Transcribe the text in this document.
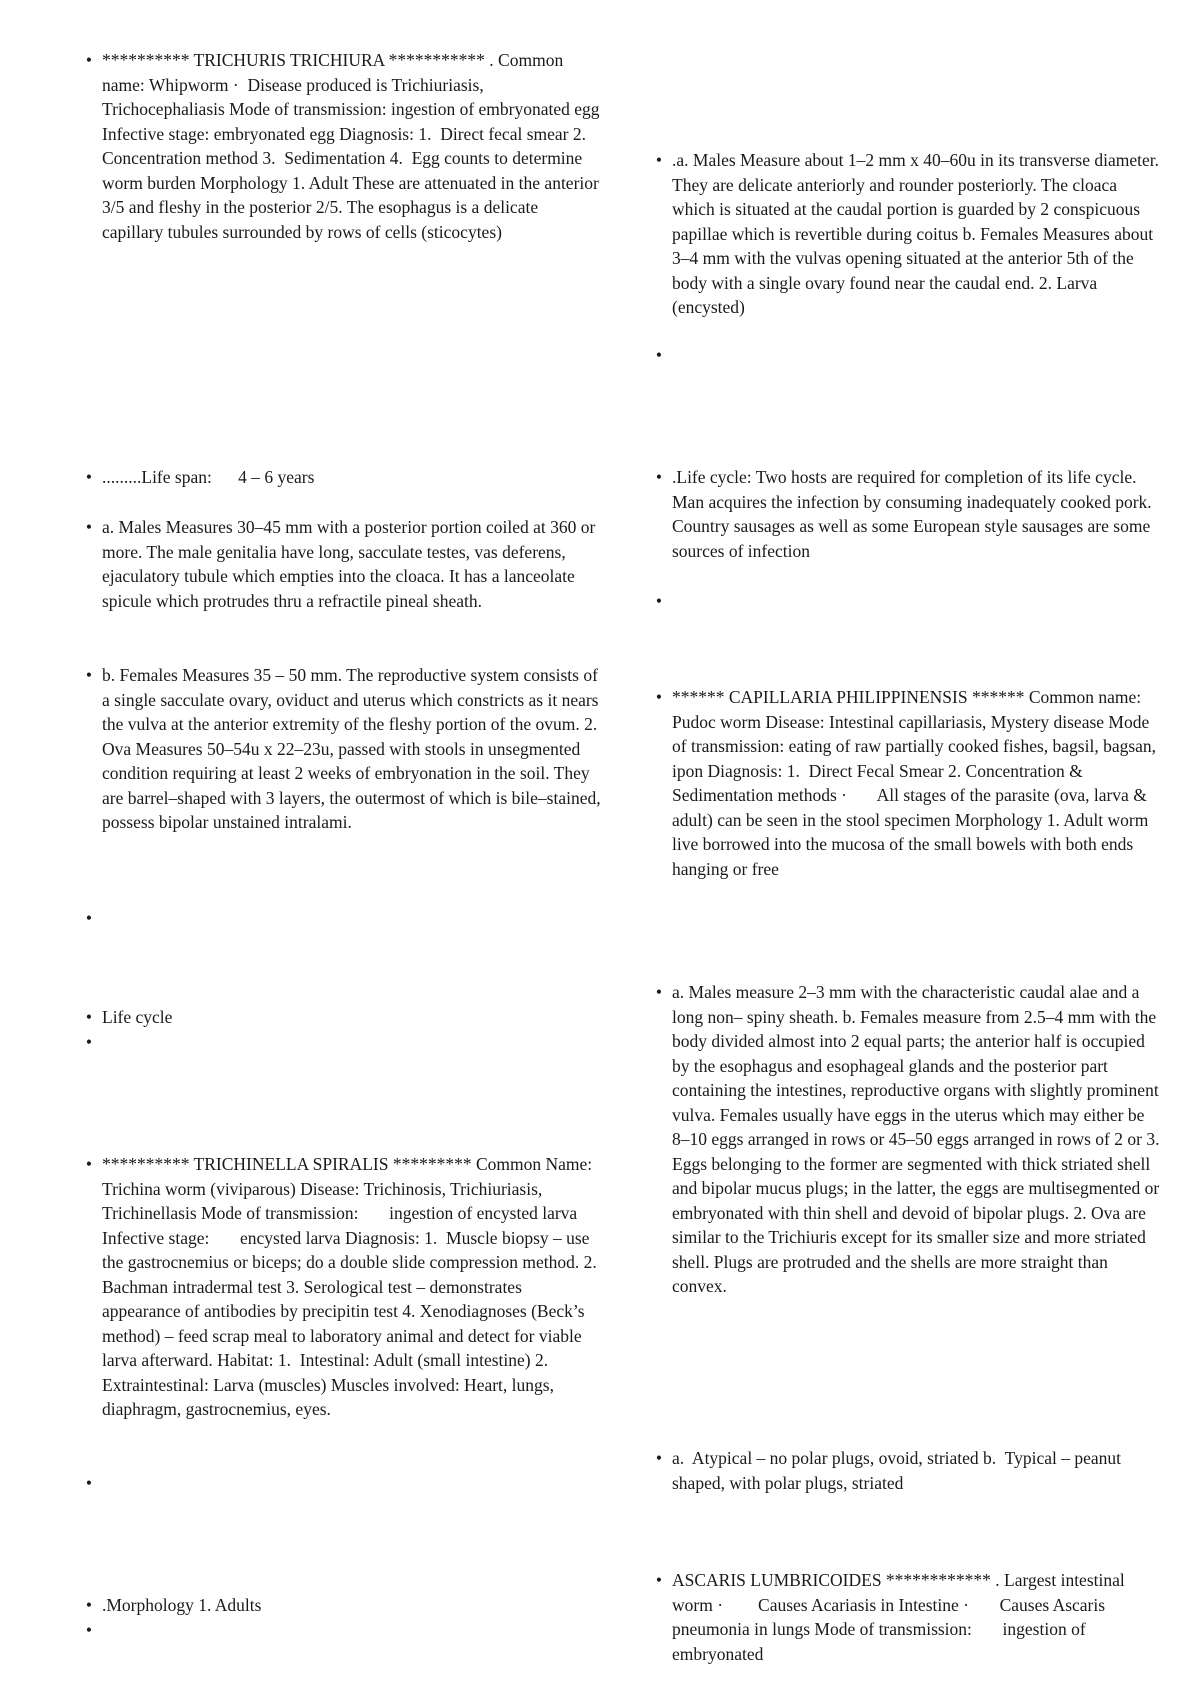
• ********** TRICHURIS TRICHIURA *********** . Common name: Whipworm ·  Disease produced is Trichiuriasis, Trichocephaliasis Mode of transmission: ingestion of embryonated egg Infective stage: embryonated egg Diagnosis: 1.  Direct fecal smear 2. Concentration method 3.  Sedimentation 4.  Egg counts to determine worm burden Morphology 1. Adult These are attenuated in the anterior 3/5 and fleshy in the posterior 2/5. The esophagus is a delicate capillary tubules surrounded by rows of cells (sticocytes)
• .........Life span:      4 – 6 years
• a. Males Measures 30–45 mm with a posterior portion coiled at 360 or more. The male genitalia have long, sacculate testes, vas deferens, ejaculatory tubule which empties into the cloaca. It has a lanceolate spicule which protrudes thru a refractile pineal sheath.
• b. Females Measures 35 – 50 mm. The reproductive system consists of a single sacculate ovary, oviduct and uterus which constricts as it nears the vulva at the anterior extremity of the fleshy portion of the ovum. 2. Ova Measures 50–54u x 22–23u, passed with stools in unsegmented condition requiring at least 2 weeks of embryonation in the soil. They are barrel–shaped with 3 layers, the outermost of which is bile–stained, possess bipolar unstained intralami.
•
• Life cycle
•
• ********** TRICHINELLA SPIRALIS ********* Common Name:       Trichina worm (viviparous) Disease: Trichinosis, Trichiuriasis, Trichinellasis Mode of transmission:       ingestion of encysted larva Infective stage:       encysted larva Diagnosis: 1.  Muscle biopsy – use the gastrocnemius or biceps; do a double slide compression method. 2.  Bachman intradermal test 3. Serological test – demonstrates appearance of antibodies by precipitin test 4. Xenodiagnoses (Beck’s method) – feed scrap meal to laboratory animal and detect for viable larva afterward. Habitat: 1.  Intestinal: Adult (small intestine) 2. Extraintestinal: Larva (muscles) Muscles involved: Heart, lungs, diaphragm, gastrocnemius, eyes.
•
• .Morphology 1. Adults
•
• .a. Males Measure about 1–2 mm x 40–60u in its transverse diameter. They are delicate anteriorly and rounder posteriorly. The cloaca which is situated at the caudal portion is guarded by 2 conspicuous papillae which is revertible during coitus b. Females Measures about 3–4 mm with the vulvas opening situated at the anterior 5th of the body with a single ovary found near the caudal end. 2. Larva (encysted)
•
• .Life cycle: Two hosts are required for completion of its life cycle. Man acquires the infection by consuming inadequately cooked pork. Country sausages as well as some European style sausages are some sources of infection
•
• ****** CAPILLARIA PHILIPPINENSIS ****** Common name: Pudoc worm Disease: Intestinal capillariasis, Mystery disease Mode of transmission: eating of raw partially cooked fishes, bagsil, bagsan, ipon Diagnosis: 1.  Direct Fecal Smear 2. Concentration & Sedimentation methods ·       All stages of the parasite (ova, larva & adult) can be seen in the stool specimen Morphology 1. Adult worm live borrowed into the mucosa of the small bowels with both ends hanging or free
• a. Males measure 2–3 mm with the characteristic caudal alae and a long non– spiny sheath. b. Females measure from 2.5–4 mm with the body divided almost into 2 equal parts; the anterior half is occupied by the esophagus and esophageal glands and the posterior part containing the intestines, reproductive organs with slightly prominent vulva. Females usually have eggs in the uterus which may either be 8–10 eggs arranged in rows or 45–50 eggs arranged in rows of 2 or 3. Eggs belonging to the former are segmented with thick striated shell and bipolar mucus plugs; in the latter, the eggs are multisegmented or embryonated with thin shell and devoid of bipolar plugs. 2. Ova are similar to the Trichiuris except for its smaller size and more striated shell. Plugs are protruded and the shells are more straight than convex.
• a.  Atypical – no polar plugs, ovoid, striated b.  Typical – peanut shaped, with polar plugs, striated
• ASCARIS LUMBRICOIDES ************ . Largest intestinal worm ·        Causes Acariasis in Intestine ·       Causes Ascaris pneumonia in lungs Mode of transmission:       ingestion of embryonated
